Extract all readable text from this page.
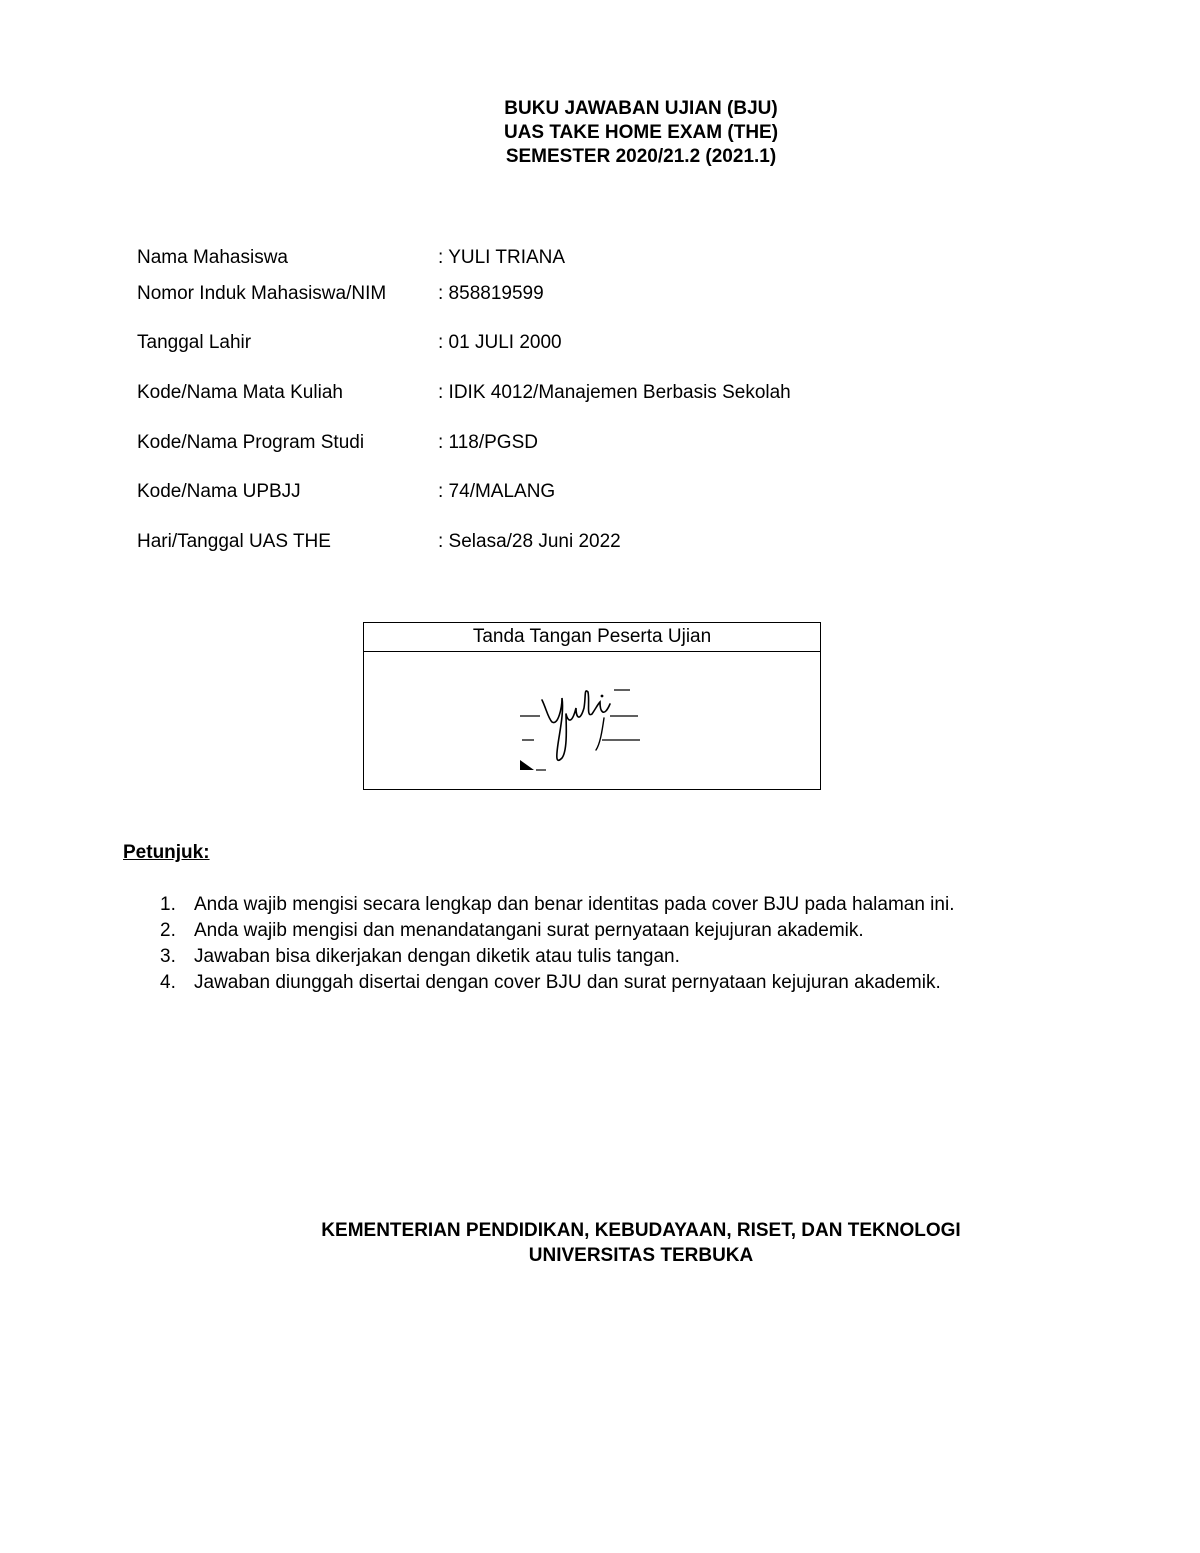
BUKU JAWABAN UJIAN (BJU)
UAS TAKE HOME EXAM (THE)
SEMESTER 2020/21.2 (2021.1)
Nama Mahasiswa	: YULI TRIANA
Nomor Induk Mahasiswa/NIM	: 858819599
Tanggal Lahir	: 01 JULI 2000
Kode/Nama Mata Kuliah	: IDIK 4012/Manajemen Berbasis Sekolah
Kode/Nama Program Studi	: 118/PGSD
Kode/Nama UPBJJ	: 74/MALANG
Hari/Tanggal UAS THE	: Selasa/28 Juni 2022
Tanda Tangan Peserta Ujian
Petunjuk:
1. Anda wajib mengisi secara lengkap dan benar identitas pada cover BJU pada halaman ini.
2. Anda wajib mengisi dan menandatangani surat pernyataan kejujuran akademik.
3. Jawaban bisa dikerjakan dengan diketik atau tulis tangan.
4. Jawaban diunggah disertai dengan cover BJU dan surat pernyataan kejujuran akademik.
KEMENTERIAN PENDIDIKAN, KEBUDAYAAN, RISET, DAN TEKNOLOGI
UNIVERSITAS TERBUKA
